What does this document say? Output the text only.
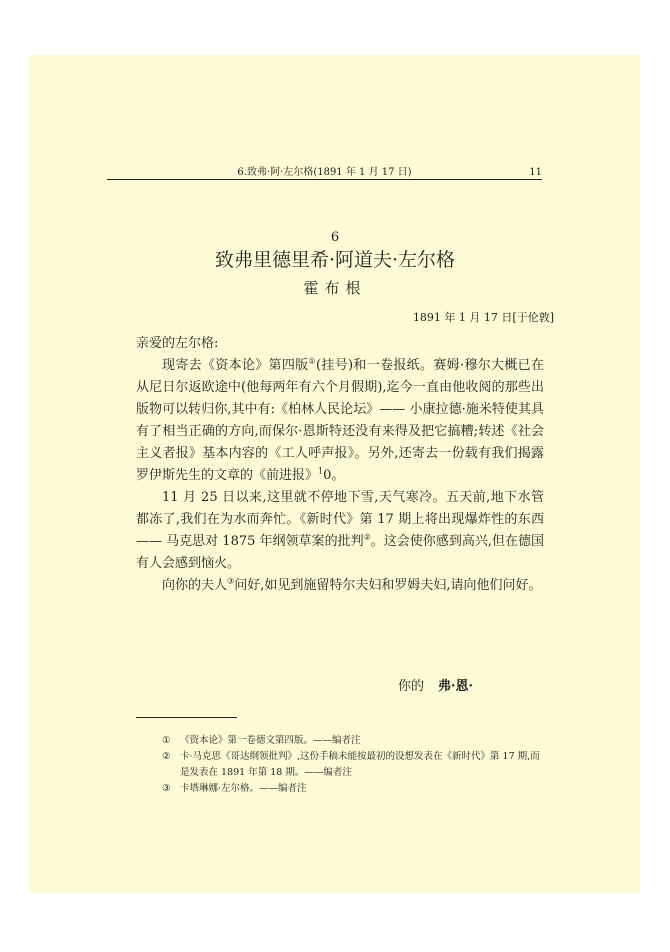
6.致弗·阿·左尔格(1891 年 1 月 17 日)	11
6
致弗里德里希·阿道夫·左尔格
霍布根
1891 年 1 月 17 日[于伦敦]

亲爱的左尔格:

现寄去《资本论》第四版①(挂号)和一卷报纸。赛姆·穆尔大概已在从尼日尔返欧途中(他每两年有六个月假期),迄今一直由他收阅的那些出版物可以转归你,其中有:《柏林人民论坛》—— 小康拉德·施米特使其具有了相当正确的方向,而保尔·恩斯特还没有来得及把它搞糟;转述《社会主义者报》基本内容的《工人呼声报》。另外,还寄去一份载有我们揭露罗伊斯先生的文章的《前进报》$^1$0。

11 月 25 日以来,这里就不停地下雪,天气寒冷。五天前,地下水管都冻了,我们在为水而奔忙。《新时代》第 17 期上将出现爆炸性的东西—— 马克思对 1875 年纲领草案的批判②。这会使你感到高兴,但在德国有人会感到恼火。

向你的夫人③问好,如见到施留特尔夫妇和罗姆夫妇,请向他们问好。

你的 弗·恩·
① 《资本论》第一卷德文第四版。——编者注
② 卡·马克思《哥达纲领批判》,这份手稿未能按最初的设想发表在《新时代》第 17 期,而是发表在 1891 年第 18 期。——编者注
③ 卡塔琳娜·左尔格。——编者注
